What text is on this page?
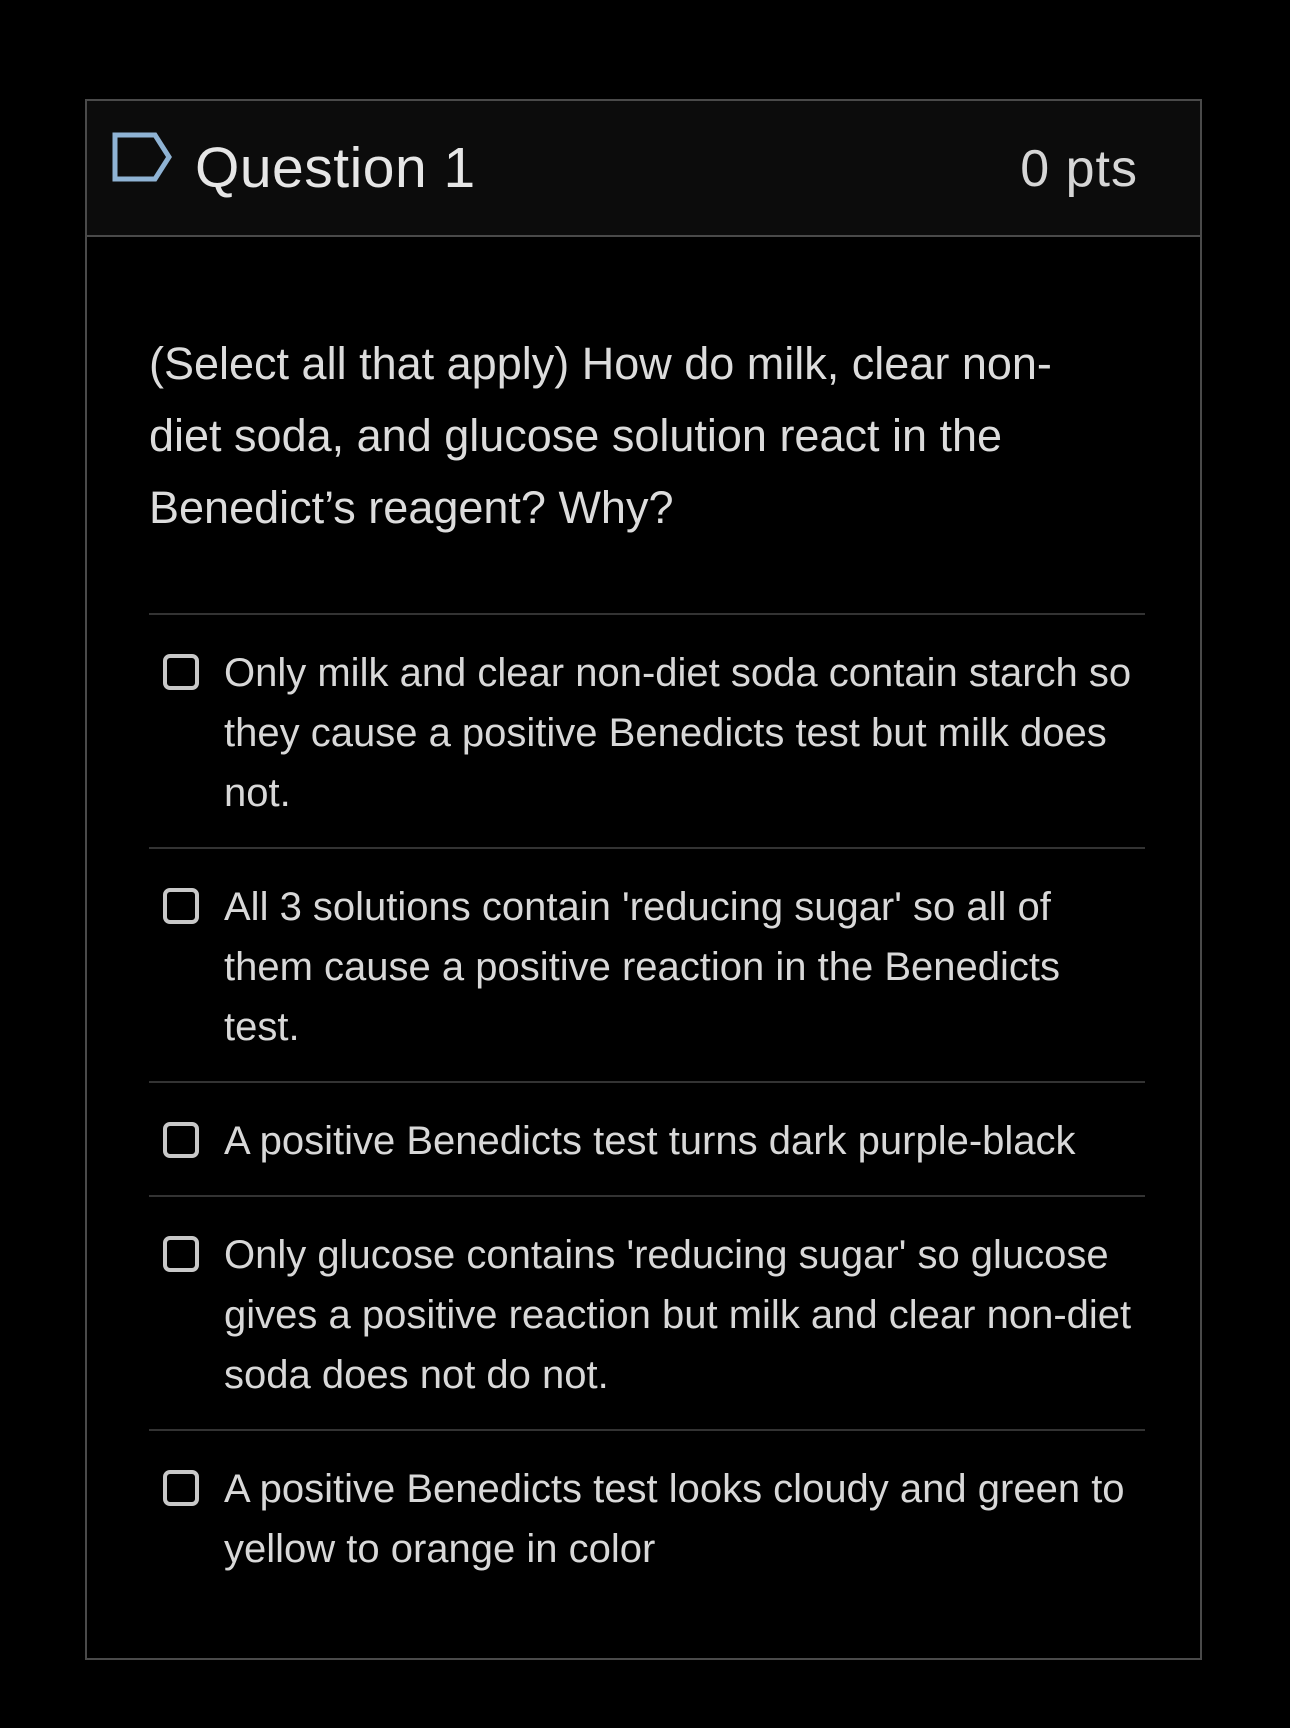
Question 1	0 pts
(Select all that apply) How do milk, clear non-diet soda, and glucose solution react in the Benedict’s reagent? Why?
Only milk and clear non-diet soda contain starch so they cause a positive Benedicts test but milk does not.
All 3 solutions contain 'reducing sugar' so all of them cause a positive reaction in the Benedicts test.
A positive Benedicts test turns dark purple-black
Only glucose contains 'reducing sugar' so glucose gives a positive reaction but milk and clear non-diet soda does not do not.
A positive Benedicts test looks cloudy and green to yellow to orange in color
